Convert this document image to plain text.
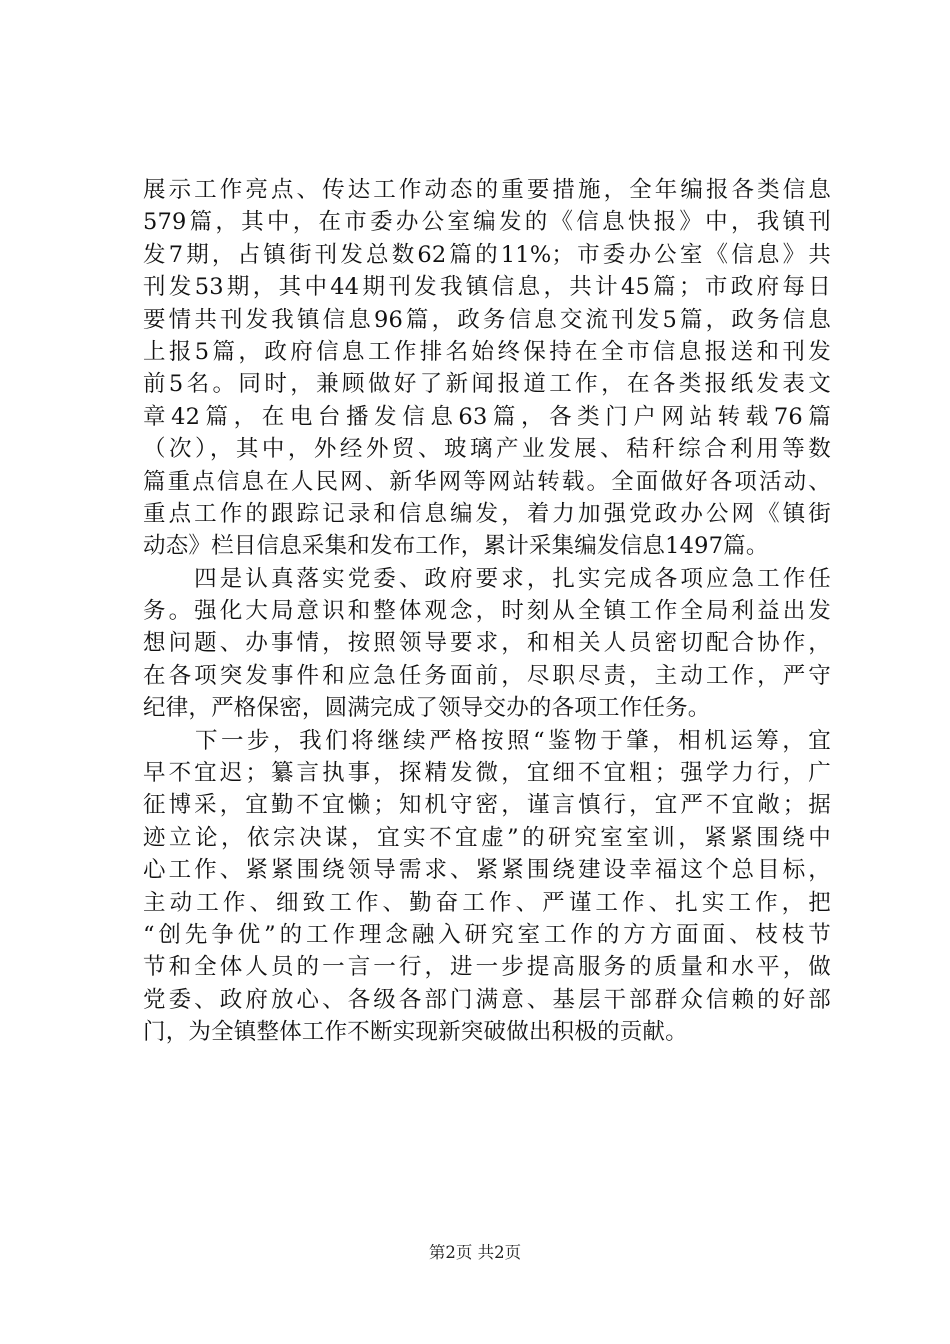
展示工作亮点、传达工作动态的重要措施，全年编报各类信息
579篇，其中，在市委办公室编发的《信息快报》中，我镇刊
发7期，占镇街刊发总数62篇的11%；市委办公室《信息》共
刊发53期，其中44期刊发我镇信息，共计45篇；市政府每日
要情共刊发我镇信息96篇，政务信息交流刊发5篇，政务信息
上报5篇，政府信息工作排名始终保持在全市信息报送和刊发
前5名。同时，兼顾做好了新闻报道工作，在各类报纸发表文
章42篇，在电台播发信息63篇，各类门户网站转载76篇
（次），其中，外经外贸、玻璃产业发展、秸秆综合利用等数
篇重点信息在人民网、新华网等网站转载。全面做好各项活动、
重点工作的跟踪记录和信息编发，着力加强党政办公网《镇街
动态》栏目信息采集和发布工作，累计采集编发信息1497篇。
　　四是认真落实党委、政府要求，扎实完成各项应急工作任
务。强化大局意识和整体观念，时刻从全镇工作全局利益出发
想问题、办事情，按照领导要求，和相关人员密切配合协作，
在各项突发事件和应急任务面前，尽职尽责，主动工作，严守
纪律，严格保密，圆满完成了领导交办的各项工作任务。
　　下一步，我们将继续严格按照“鉴物于肇，相机运筹，宜
早不宜迟；纂言执事，探精发微，宜细不宜粗；强学力行，广
征博采，宜勤不宜懒；知机守密，谨言慎行，宜严不宜敞；据
迹立论，依宗决谋，宜实不宜虚”的研究室室训，紧紧围绕中
心工作、紧紧围绕领导需求、紧紧围绕建设幸福这个总目标，
主动工作、细致工作、勤奋工作、严谨工作、扎实工作，把
“创先争优”的工作理念融入研究室工作的方方面面、枝枝节
节和全体人员的一言一行，进一步提高服务的质量和水平，做
党委、政府放心、各级各部门满意、基层干部群众信赖的好部
门，为全镇整体工作不断实现新突破做出积极的贡献。
第2页 共2页
